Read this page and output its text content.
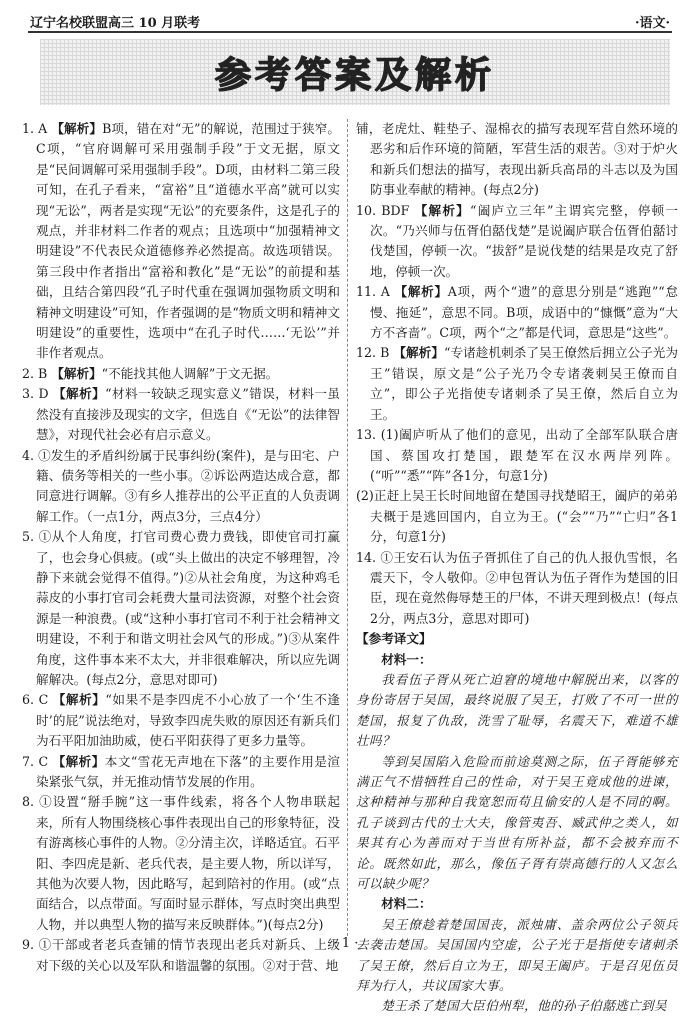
辽宁名校联盟高三 10 月联考	·语文·
参考答案及解析
1. A 【解析】B项，错在对“无”的解说，范围过于狭窄。C项，“官府调解可采用强制手段”于文无据，原文是“民间调解可采用强制手段”。D项，由材料二第三段可知，在孔子看来，“富裕”且“道德水平高”就可以实现“无讼”，两者是实现“无讼”的充要条件，这是孔子的观点，并非材料二作者的观点；且选项中“加强精神文明建设”不代表民众道德修养必然提高。故选项错误。第三段中作者指出“富裕和教化”是“无讼”的前提和基础，且结合第四段“孔子时代重在强调加强物质文明和精神文明建设”可知，作者强调的是“物质文明和精神文明建设”的重要性，选项中“在孔子时代……‘无讼’”并非作者观点。
2. B 【解析】“不能找其他人调解”于文无据。
3. D 【解析】“材料一较缺乏现实意义”错误，材料一虽然没有直接涉及现实的文字，但选自《“无讼”的法律智慧》，对现代社会必有启示意义。
4. ①发生的矛盾纠纷属于民事纠纷(案件)，是与田宅、户籍、债务等相关的一些小事。②诉讼两造达成合意，都同意进行调解。③有乡人推荐出的公平正直的人负责调解工作。（一点1分，两点3分，三点4分）
5. ①从个人角度，打官司费心费力费钱，即使官司打赢了，也会身心俱疲。(或“头上做出的决定不够理智，冷静下来就会觉得不值得。”)②从社会角度，为这种鸡毛蒜皮的小事打官司会耗费大量司法资源，对整个社会资源是一种浪费。(或“这种小事打官司不利于社会精神文明建设，不利于和谐文明社会风气的形成。”)③从案件角度，这件事本来不太大，并非很难解决，所以应先调解解决。(每点2分，意思对即可)
6. C 【解析】“如果不是李四虎不小心放了一个‘生不逢时’的屁”说法绝对，导致李四虎失败的原因还有新兵们为石平阳加油助威，使石平阳获得了更多力量等。
7. C 【解析】本文“雪花无声地在下落”的主要作用是渲染紧张气氛，并无推动情节发展的作用。
8. ①设置“掰手腕”这一事件线索，将各个人物串联起来，所有人物围绕核心事件表现出自己的形象特征，没有游离核心事件的人物。②分清主次，详略适宜。石平阳、李四虎是新、老兵代表，是主要人物，所以详写，其他为次要人物，因此略写，起到陪衬的作用。(或“点面结合，以点带面。写面时显示群体，写点时突出典型人物，并以典型人物的描写来反映群体。”)(每点2分)
9. ①干部或者老兵查铺的情节表现出老兵对新兵、上级对下级的关心以及军队和谐温馨的氛围。②对于营、地
铺，老虎灶、鞋垫子、湿棉衣的描写表现军营自然环境的恶劣和后作环境的简陋，军营生活的艰苦。③对于炉火和新兵们想法的描写，表现出新兵高昂的斗志以及为国防事业奉献的精神。(每点2分)
10. BDF 【解析】“阖庐立三年”主谓宾完整，停顿一次。“乃兴师与伍胥伯嚭伐楚”是说阖庐联合伍胥伯嚭讨伐楚国，停顿一次。“拔舒”是说伐楚的结果是攻克了舒地，停顿一次。
11. A 【解析】A项，两个“遗”的意思分别是“逃跑”“怠慢、拖延”，意思不同。B项，成语中的“慷慨”意为“大方不吝啬”。C项，两个“之”都是代词，意思是“这些”。
12. B 【解析】“专诸趁机刺杀了吴王僚然后拥立公子光为王”错误，原文是“公子光乃令专诸袭刺吴王僚而自立”，即公子光指使专诸刺杀了吴王僚，然后自立为王。
13. (1)阖庐听从了他们的意见，出动了全部军队联合唐国、蔡国攻打楚国，跟楚军在汉水两岸列阵。(“听”“悉”“阵”各1分，句意1分)
(2)正赶上吴王长时间地留在楚国寻找楚昭王，阖庐的弟弟夫概于是逃回国内，自立为王。(“会”“乃”“亡归”各1分，句意1分)
14. ①王安石认为伍子胥抓住了自己的仇人报仇雪恨，名震天下，令人敬仰。②申包胥认为伍子胥作为楚国的旧臣，现在竟然侮辱楚王的尸体，不讲天理到极点！(每点2分，两点3分，意思对即可)
【参考译文】
材料一：
我看伍子胥从死亡迫窘的境地中解脱出来，以客的身份寄居于吴国，最终说服了吴王，打败了不可一世的楚国，报复了仇敌，洗雪了耻辱，名震天下，难道不雄壮吗？
等到吴国陷入危险而前途莫测之际，伍子胥能够充满正气不惜牺牲自己的性命，对于吴王竟成他的进谏，这种精神与那种自我宽恕而苟且偷安的人是不同的啊。孔子谈到古代的士大夫，像管夷吾、臧武仲之类人，如果其有心为善而对于当世有所补益，都不会被弃而不论。既然如此，那么，像伍子胥有崇高德行的人又怎么可以缺少呢？
材料二：
吴王僚趁着楚国国丧，派烛庸、盖余两位公子领兵去袭击楚国。吴国国内空虚，公子光于是指使专诸刺杀了吴王僚，然后自立为王，即吴王阖庐。于是召见伍员拜为行人，共议国家大事。
楚王杀了楚国大臣伯州犁，他的孙子伯嚭逃亡到吴
· 1 ·
